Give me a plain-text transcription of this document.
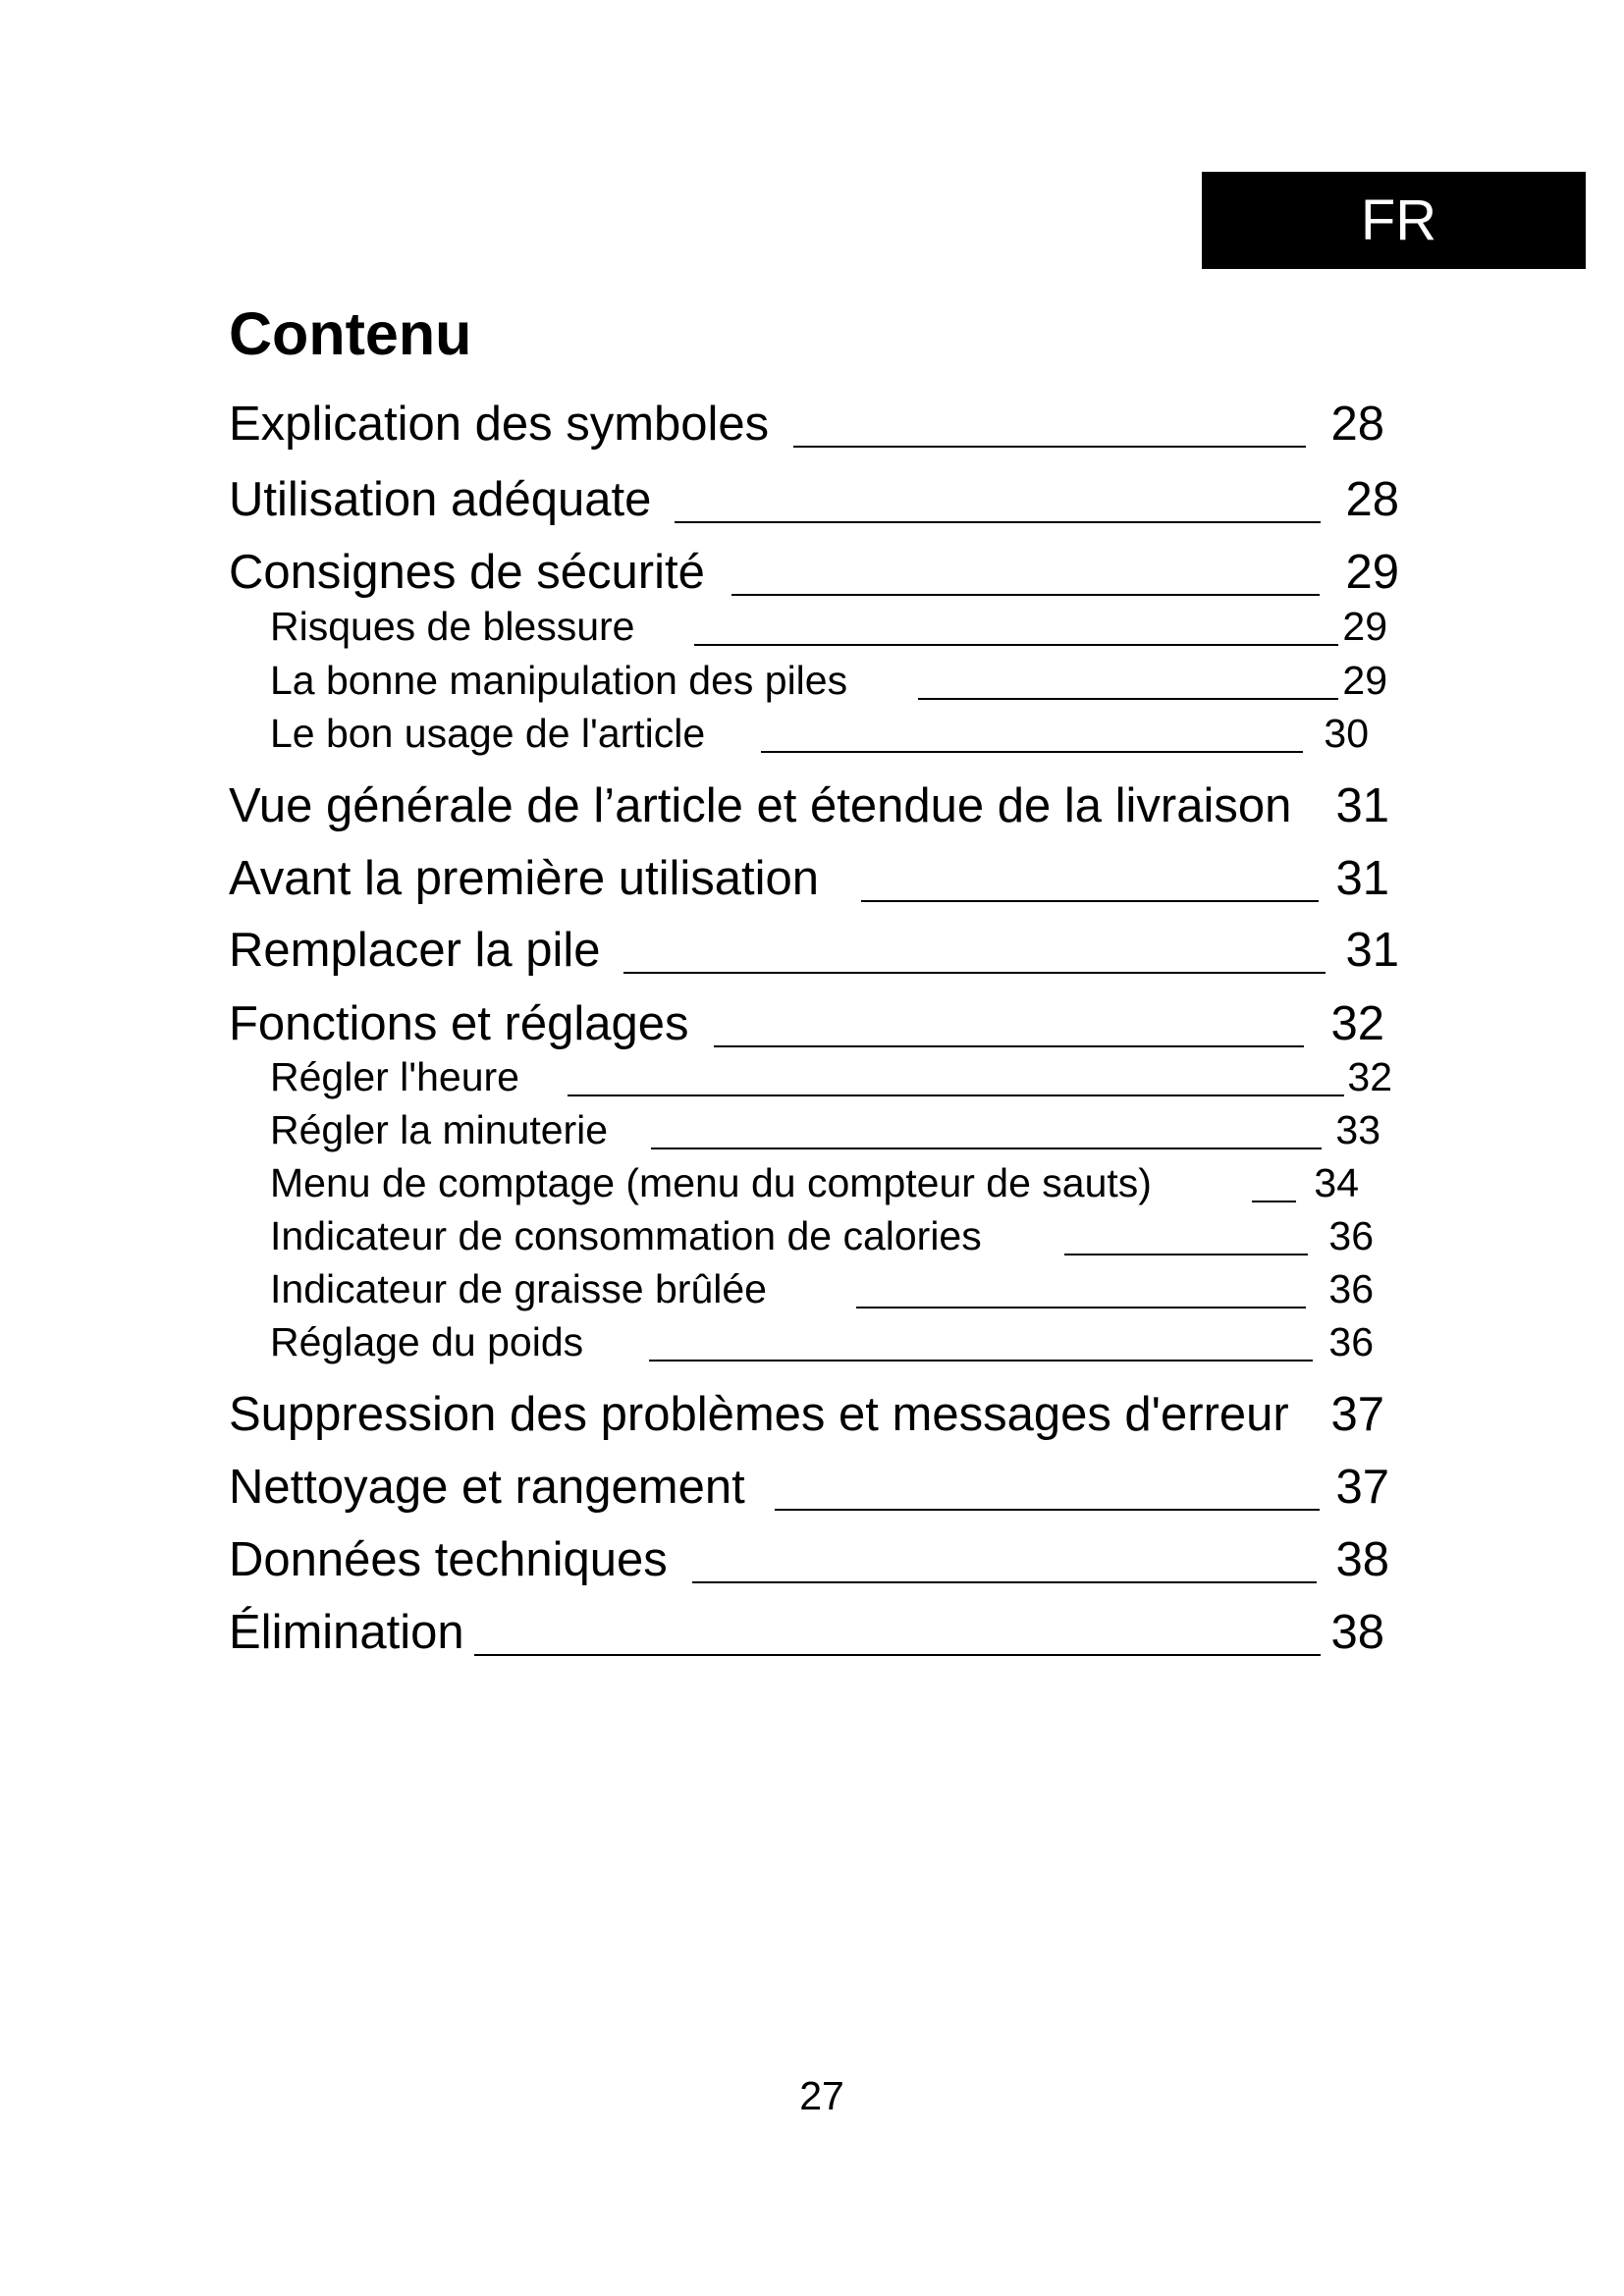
FR
Contenu
Explication des symboles	28
Utilisation adéquate	28
Consignes de sécurité	29
Risques de blessure	29
La bonne manipulation des piles	29
Le bon usage de l'article	30
Vue générale de l’article et étendue de la livraison 31
Avant la première utilisation	31
Remplacer la pile	31
Fonctions et réglages	32
Régler l'heure	32
Régler la minuterie	33
Menu de comptage (menu du compteur de sauts)	34
Indicateur de consommation de calories	36
Indicateur de graisse brûlée	36
Réglage du poids	36
Suppression des problèmes et messages d'erreur 37
Nettoyage et rangement	37
Données techniques	38
Élimination	38
27
